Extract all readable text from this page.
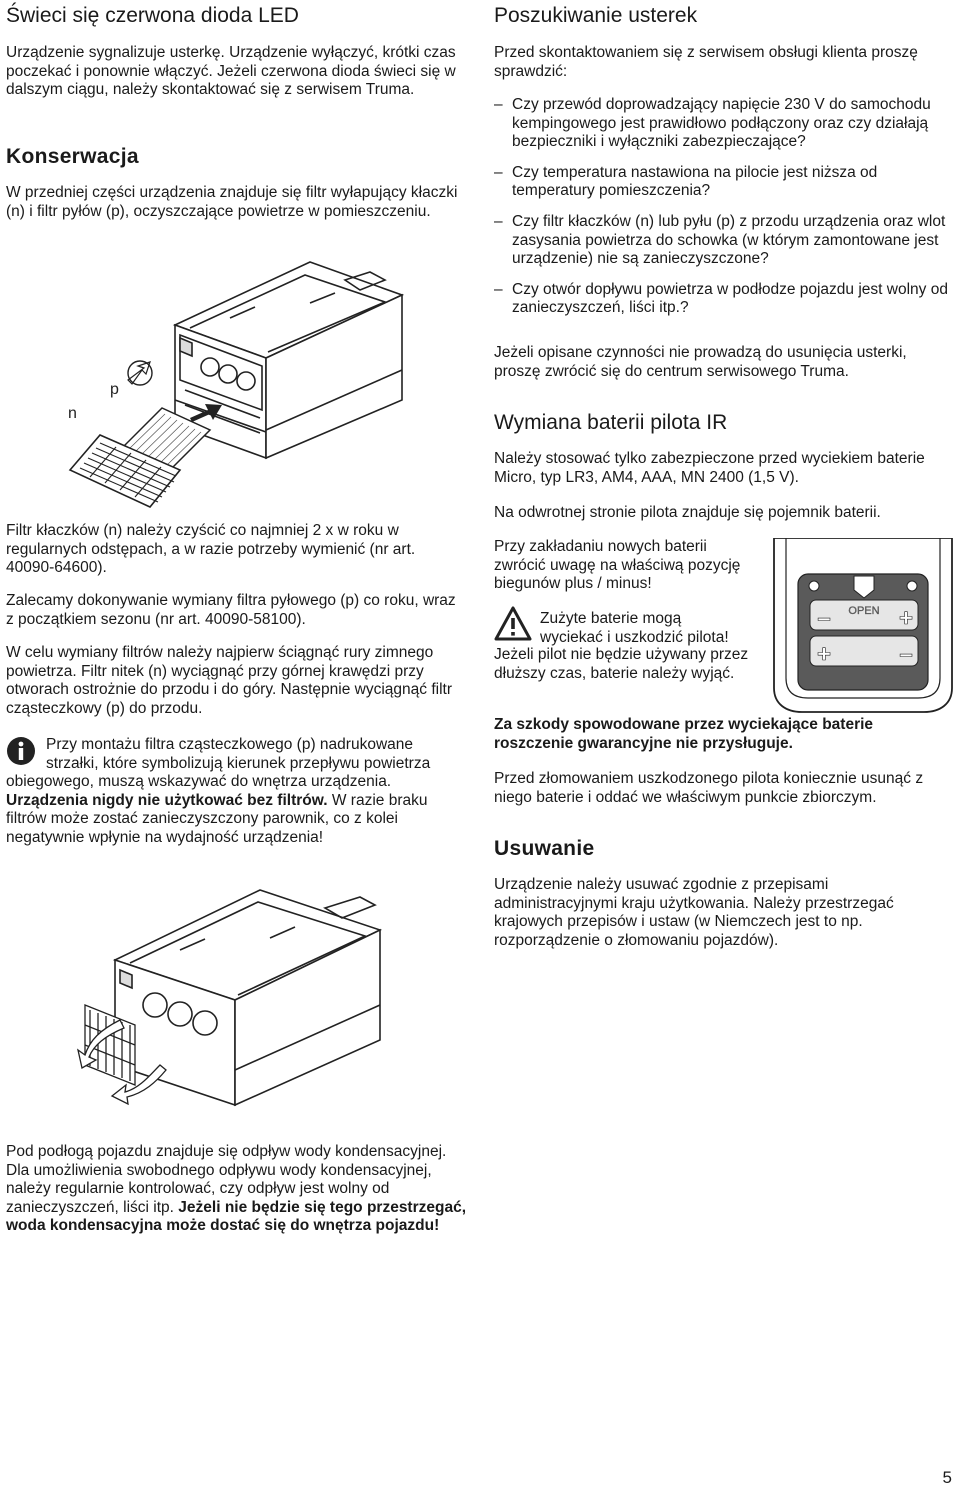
Świeci się czerwona dioda LED

Urządzenie sygnalizuje usterkę. Urządzenie wyłączyć, krótki czas poczekać i ponownie włączyć. Jeżeli czerwona dioda świeci się w dalszym ciągu, należy skontaktować się z serwisem Truma.

Konserwacja

W przedniej części urządzenia znajduje się filtr wyłapujący kłaczki (n) i filtr pyłów (p), oczyszczające powietrze w pomieszczeniu.

p
n

Filtr kłaczków (n) należy czyścić co najmniej 2 x w roku w regularnych odstępach, a w razie potrzeby wymienić (nr art. 40090-64600).

Zalecamy dokonywanie wymiany filtra pyłowego (p) co roku, wraz z początkiem sezonu (nr art. 40090-58100).

W celu wymiany filtrów należy najpierw ściągnąć rury zimnego powietrza. Filtr nitek (n) wyciągnąć przy górnej krawędzi przy otworach ostrożnie do przodu i do góry. Następnie wyciągnąć filtr cząsteczkowy (p) do przodu.

Przy montażu filtra cząsteczkowego (p) nadrukowane strzałki, które symbolizują kierunek przepływu powietrza obiegowego, muszą wskazywać do wnętrza urządzenia. Urządzenia nigdy nie użytkować bez filtrów. W razie braku filtrów może zostać zanieczyszczony parownik, co z kolei negatywnie wpłynie na wydajność urządzenia!

Pod podłogą pojazdu znajduje się odpływ wody kondensacyjnej. Dla umożliwienia swobodnego odpływu wody kondensacyjnej, należy regularnie kontrolować, czy odpływ jest wolny od zanieczyszczeń, liści itp. Jeżeli nie będzie się tego przestrzegać, woda kondensacyjna może dostać się do wnętrza pojazdu!

Poszukiwanie usterek

Przed skontaktowaniem się z serwisem obsługi klienta proszę sprawdzić:

– Czy przewód doprowadzający napięcie 230 V do samochodu kempingowego jest prawidłowo podłączony oraz czy działają bezpieczniki i wyłączniki zabezpieczające?
– Czy temperatura nastawiona na pilocie jest niższa od temperatury pomieszczenia?
– Czy filtr kłaczków (n) lub pyłu (p) z przodu urządzenia oraz wlot zasysania powietrza do schowka (w którym zamontowane jest urządzenie) nie są zanieczyszczone?
– Czy otwór dopływu powietrza w podłodze pojazdu jest wolny od zanieczyszczeń, liści itp.?

Jeżeli opisane czynności nie prowadzą do usunięcia usterki, proszę zwrócić się do centrum serwisowego Truma.

Wymiana baterii pilota IR

Należy stosować tylko zabezpieczone przed wyciekiem baterie Micro, typ LR3, AM4, AAA, MN 2400 (1,5 V).

Na odwrotnej stronie pilota znajduje się pojemnik baterii.

Przy zakładaniu nowych baterii zwrócić uwagę na właściwą pozycję biegunów plus / minus!

Zużyte baterie mogą wyciekać i uszkodzić pilota!

Jeżeli pilot nie będzie używany przez dłuższy czas, baterie należy wyjąć.

OPEN
–	+
+	–

Za szkody spowodowane przez wyciekające baterie roszczenie gwarancyjne nie przysługuje.

Przed złomowaniem uszkodzonego pilota koniecznie usunąć z niego baterie i oddać we właściwym punkcie zbiorczym.

Usuwanie

Urządzenie należy usuwać zgodnie z przepisami administracyjnymi kraju użytkowania. Należy przestrzegać krajowych przepisów i ustaw (w Niemczech jest to np. rozporządzenie o złomowaniu pojazdów).

5
